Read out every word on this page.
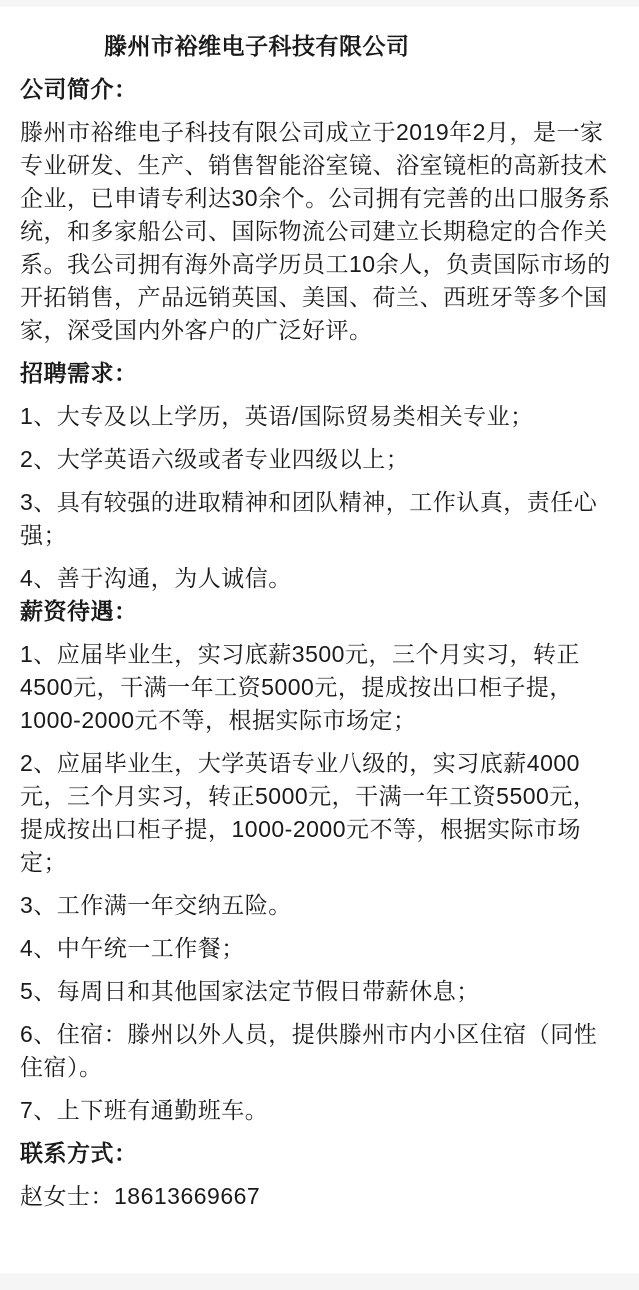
滕州市裕维电子科技有限公司
公司简介：

滕州市裕维电子科技有限公司成立于2019年2月，是一家专业研发、生产、销售智能浴室镜、浴室镜柜的高新技术企业，已申请专利达30余个。公司拥有完善的出口服务系统，和多家船公司、国际物流公司建立长期稳定的合作关系。我公司拥有海外高学历员工10余人，负责国际市场的开拓销售，产品远销英国、美国、荷兰、西班牙等多个国家，深受国内外客户的广泛好评。

招聘需求：

1、大专及以上学历，英语/国际贸易类相关专业；

2、大学英语六级或者专业四级以上；

3、具有较强的进取精神和团队精神，工作认真，责任心强；

4、善于沟通，为人诚信。

薪资待遇：

1、应届毕业生，实习底薪3500元，三个月实习，转正4500元，干满一年工资5000元，提成按出口柜子提，1000-2000元不等，根据实际市场定；

2、应届毕业生，大学英语专业八级的，实习底薪4000元，三个月实习，转正5000元，干满一年工资5500元，提成按出口柜子提，1000-2000元不等，根据实际市场定；

3、工作满一年交纳五险。

4、中午统一工作餐；

5、每周日和其他国家法定节假日带薪休息；

6、住宿：滕州以外人员，提供滕州市内小区住宿（同性住宿）。

7、上下班有通勤班车。

联系方式：

赵女士：18613669667
